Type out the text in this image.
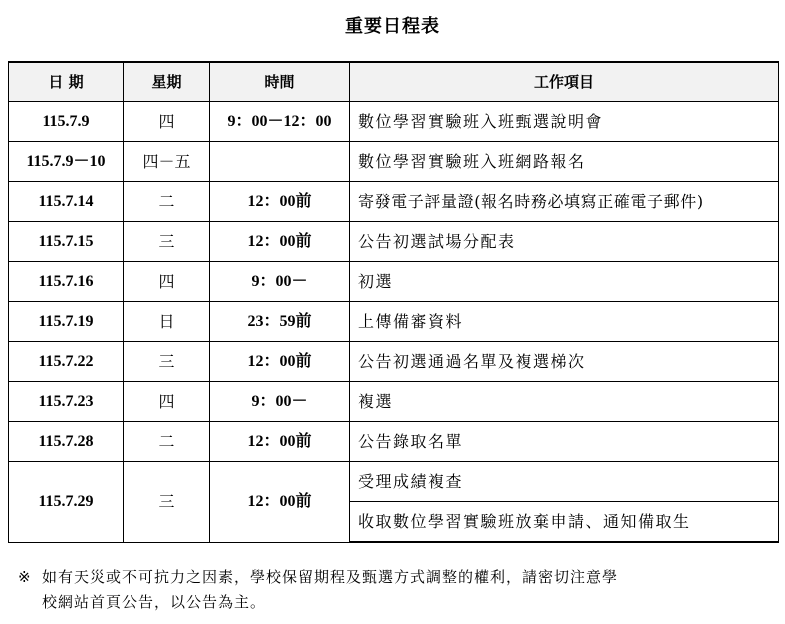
重要日程表
日 期	星期	時間	工作項目
115.7.9	四	9：00－12：00	數位學習實驗班入班甄選說明會
115.7.9－10	四－五		數位學習實驗班入班網路報名
115.7.14	二	12：00前	寄發電子評量證(報名時務必填寫正確電子郵件)
115.7.15	三	12：00前	公告初選試場分配表
115.7.16	四	9：00－	初選
115.7.19	日	23：59前	上傳備審資料
115.7.22	三	12：00前	公告初選通過名單及複選梯次
115.7.23	四	9：00－	複選
115.7.28	二	12：00前	公告錄取名單
115.7.29	三	12：00前	受理成績複查
			收取數位學習實驗班放棄申請、通知備取生
※ 如有天災或不可抗力之因素，學校保留期程及甄選方式調整的權利，請密切注意學
校網站首頁公告，以公告為主。
